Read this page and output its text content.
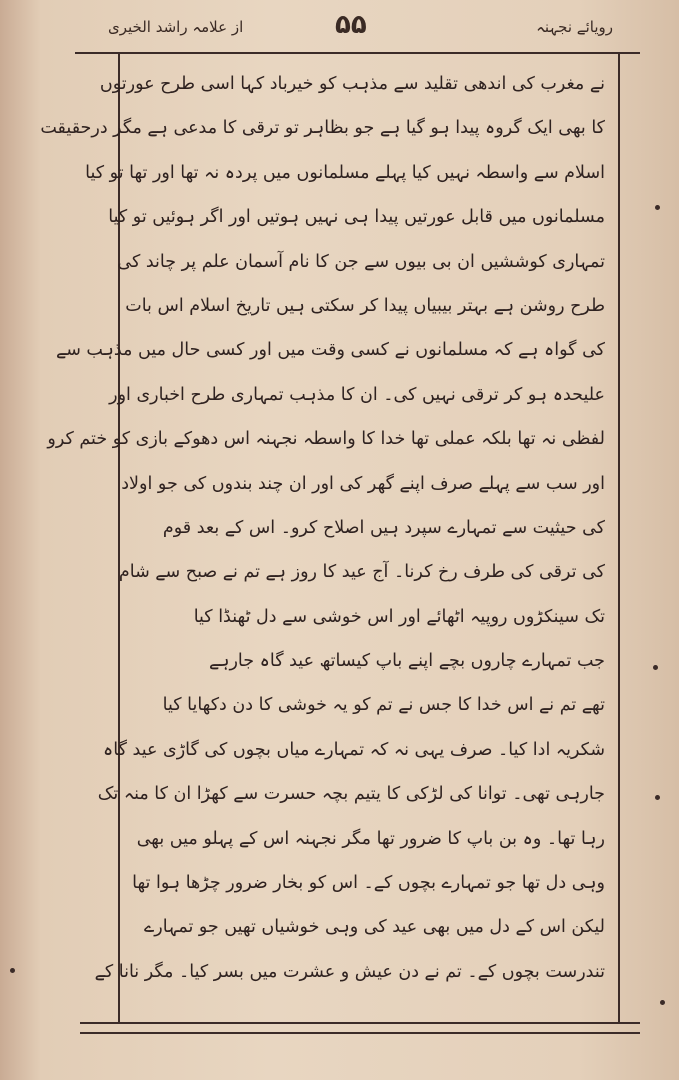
از علامہ راشد الخیری	۵۵	رویائے نجہنہ
نے مغرب کی اندھی تقلید سے مذہب کو خیرباد کہا اسی طرح عورتوں
کا بھی ایک گروہ پیدا ہو گیا ہے جو بظاہر تو ترقی کا مدعی ہے مگر درحقیقت
اسلام سے واسطہ نہیں کیا پہلے مسلمانوں میں پردہ نہ تھا اور تھا تو کیا
مسلمانوں میں قابل عورتیں پیدا ہی نہیں ہوتیں اور اگر ہوئیں تو کیا
تمہاری کوششیں ان بی بیوں سے جن کا نام آسمان علم پر چاند کی
طرح روشن ہے بہتر بیبیاں پیدا کر سکتی ہیں تاریخ اسلام اس بات
کی گواہ ہے کہ مسلمانوں نے کسی وقت میں اور کسی حال میں مذہب سے
علیحدہ ہو کر ترقی نہیں کی۔ ان کا مذہب تمہاری طرح اخباری اور
لفظی نہ تھا بلکہ عملی تھا خدا کا واسطہ نجہنہ اس دھوکے بازی کو ختم کرو
اور سب سے پہلے صرف اپنے گھر کی اور ان چند بندوں کی جو اولاد
کی حیثیت سے تمہارے سپرد ہیں اصلاح کرو۔ اس کے بعد قوم
کی ترقی کی طرف رخ کرنا۔ آج عید کا روز ہے تم نے صبح سے شام
تک سینکڑوں روپیہ اٹھائے اور اس خوشی سے دل ٹھنڈا کیا
جب تمہارے چاروں بچے اپنے باپ کیساتھ عید گاہ جارہے
تھے تم نے اس خدا کا جس نے تم کو یہ خوشی کا دن دکھایا کیا
شکریہ ادا کیا۔ صرف یہی نہ کہ تمہارے میاں بچوں کی گاڑی عید گاہ
جارہی تھی۔ توانا کی لڑکی کا یتیم بچہ حسرت سے کھڑا ان کا منہ تک
رہا تھا۔ وہ بن باپ کا ضرور تھا مگر نجہنہ اس کے پہلو میں بھی
وہی دل تھا جو تمہارے بچوں کے۔ اس کو بخار ضرور چڑھا ہوا تھا
لیکن اس کے دل میں بھی عید کی وہی خوشیاں تھیں جو تمہارے
تندرست بچوں کے۔ تم نے دن عیش و عشرت میں بسر کیا۔ مگر نانا کے
